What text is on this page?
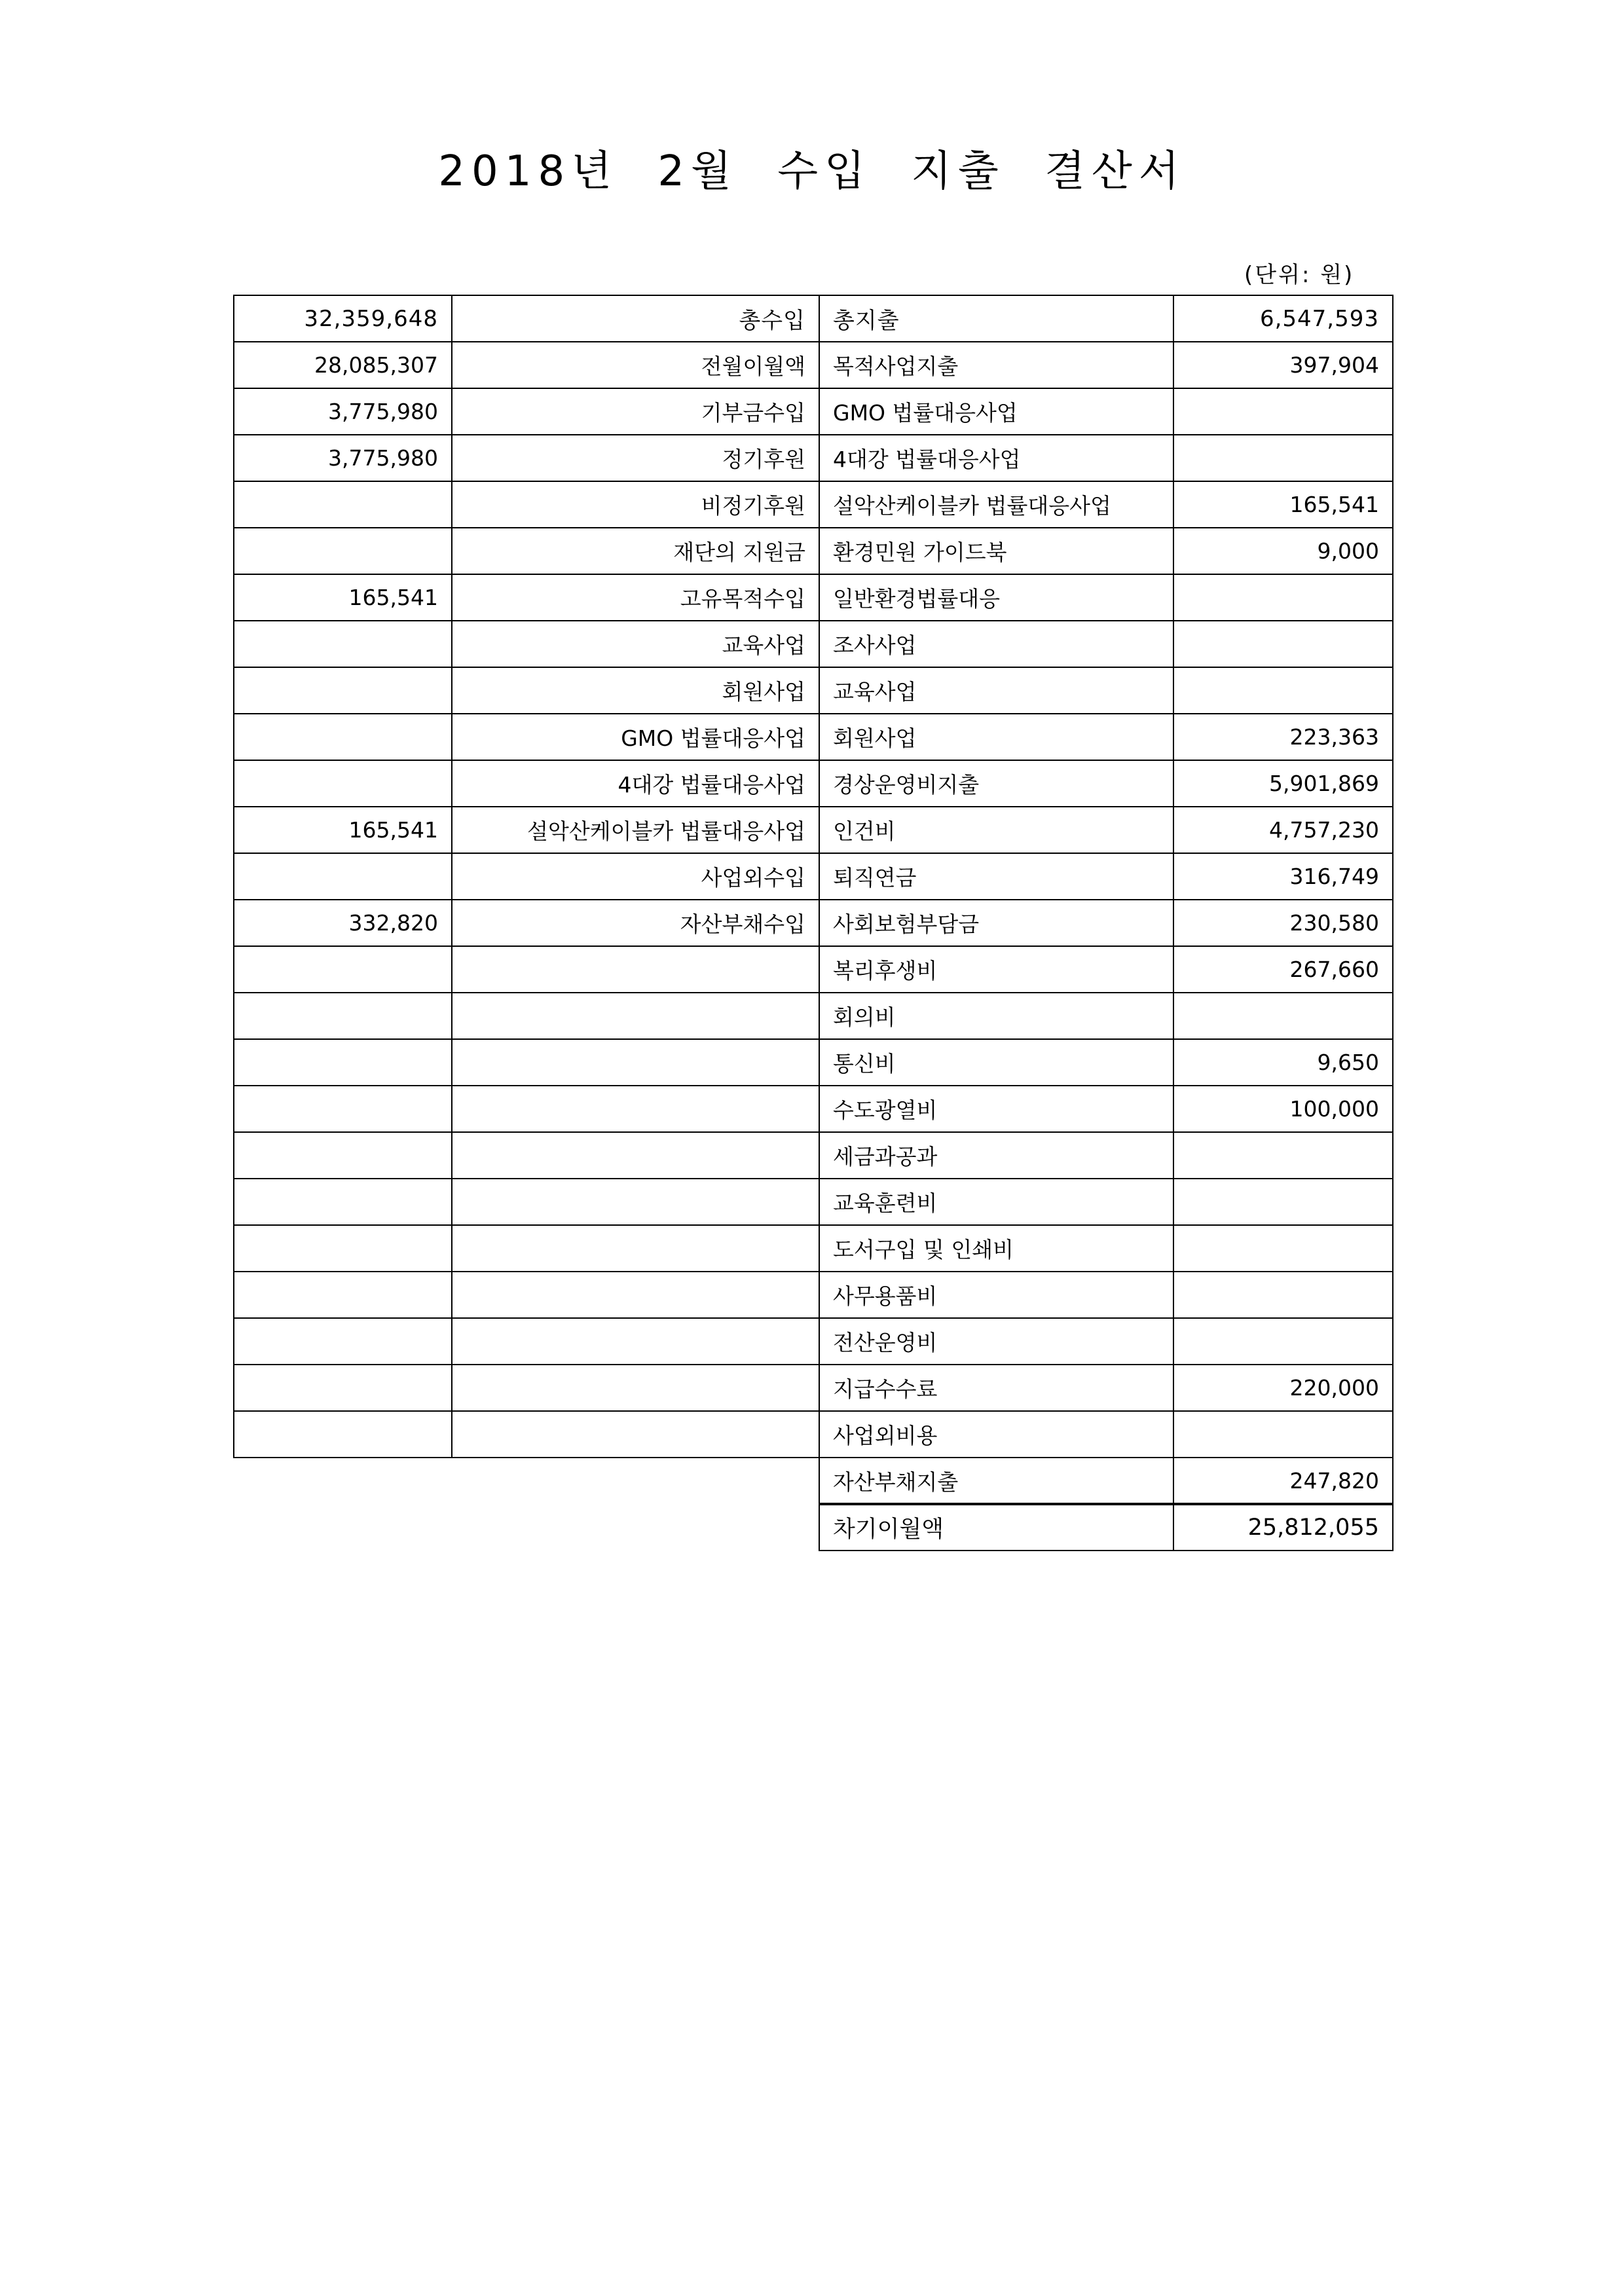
2018년 2월 수입 지출 결산서
(단위: 원)
32,359,648	총수입	총지출	6,547,593
28,085,307	전월이월액	목적사업지출	397,904
3,775,980	기부금수입	GMO 법률대응사업	
3,775,980	정기후원	4대강 법률대응사업	
	비정기후원	설악산케이블카 법률대응사업	165,541
	재단의 지원금	환경민원 가이드북	9,000
165,541	고유목적수입	일반환경법률대응	
	교육사업	조사사업	
	회원사업	교육사업	
	GMO 법률대응사업	회원사업	223,363
	4대강 법률대응사업	경상운영비지출	5,901,869
165,541	설악산케이블카 법률대응사업	인건비	4,757,230
	사업외수입	퇴직연금	316,749
332,820	자산부채수입	사회보험부담금	230,580
		복리후생비	267,660
		회의비	
		통신비	9,650
		수도광열비	100,000
		세금과공과	
		교육훈련비	
		도서구입 및 인쇄비	
		사무용품비	
		전산운영비	
		지급수수료	220,000
		사업외비용	
		자산부채지출	247,820
		차기이월액	25,812,055
